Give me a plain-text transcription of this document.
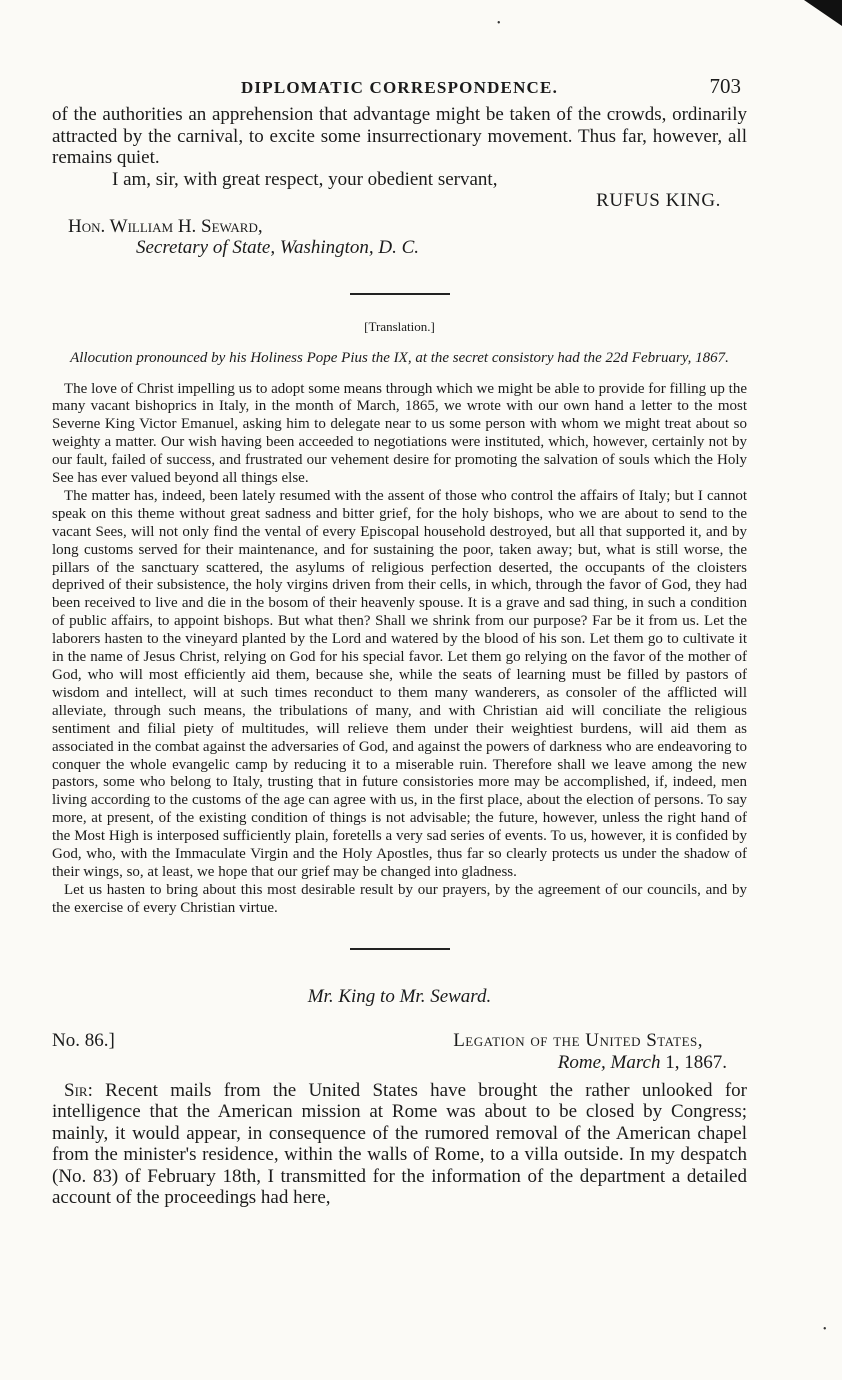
•
•
DIPLOMATIC CORRESPONDENCE.	703

of the authorities an apprehension that advantage might be taken of the crowds, ordinarily attracted by the carnival, to excite some insurrectionary movement. Thus far, however, all remains quiet.

I am, sir, with great respect, your obedient servant,

RUFUS KING.

Hon. William H. Seward,
Secretary of State, Washington, D. C.
[Translation.]
Allocution pronounced by his Holiness Pope Pius the IX, at the secret consistory had the 22d February, 1867.

The love of Christ impelling us to adopt some means through which we might be able to provide for filling up the many vacant bishoprics in Italy, in the month of March, 1865, we wrote with our own hand a letter to the most Severne King Victor Emanuel, asking him to delegate near to us some person with whom we might treat about so weighty a matter. Our wish having been acceeded to negotiations were instituted, which, however, certainly not by our fault, failed of success, and frustrated our vehement desire for promoting the salvation of souls which the Holy See has ever valued beyond all things else.

The matter has, indeed, been lately resumed with the assent of those who control the affairs of Italy; but I cannot speak on this theme without great sadness and bitter grief, for the holy bishops, who we are about to send to the vacant Sees, will not only find the vental of every Episcopal household destroyed, but all that supported it, and by long customs served for their maintenance, and for sustaining the poor, taken away; but, what is still worse, the pillars of the sanctuary scattered, the asylums of religious perfection deserted, the occupants of the cloisters deprived of their subsistence, the holy virgins driven from their cells, in which, through the favor of God, they had been received to live and die in the bosom of their heavenly spouse. It is a grave and sad thing, in such a condition of public affairs, to appoint bishops. But what then? Shall we shrink from our purpose? Far be it from us. Let the laborers hasten to the vineyard planted by the Lord and watered by the blood of his son. Let them go to cultivate it in the name of Jesus Christ, relying on God for his special favor. Let them go relying on the favor of the mother of God, who will most efficiently aid them, because she, while the seats of learning must be filled by pastors of wisdom and intellect, will at such times reconduct to them many wanderers, as consoler of the afflicted will alleviate, through such means, the tribulations of many, and with Christian aid will conciliate the religious sentiment and filial piety of multitudes, will relieve them under their weightiest burdens, will aid them as associated in the combat against the adversaries of God, and against the powers of darkness who are endeavoring to conquer the whole evangelic camp by reducing it to a miserable ruin. Therefore shall we leave among the new pastors, some who belong to Italy, trusting that in future consistories more may be accomplished, if, indeed, men living according to the customs of the age can agree with us, in the first place, about the election of persons. To say more, at present, of the existing condition of things is not advisable; the future, however, unless the right hand of the Most High is interposed sufficiently plain, foretells a very sad series of events. To us, however, it is confided by God, who, with the Immaculate Virgin and the Holy Apostles, thus far so clearly protects us under the shadow of their wings, so, at least, we hope that our grief may be changed into gladness.

Let us hasten to bring about this most desirable result by our prayers, by the agreement of our councils, and by the exercise of every Christian virtue.

Mr. King to Mr. Seward.
No. 86.]	Legation of the United States,
Rome, March 1, 1867.

Sir: Recent mails from the United States have brought the rather unlooked for intelligence that the American mission at Rome was about to be closed by Congress; mainly, it would appear, in consequence of the rumored removal of the American chapel from the minister's residence, within the walls of Rome, to a villa outside. In my despatch (No. 83) of February 18th, I transmitted for the information of the department a detailed account of the proceedings had here,
